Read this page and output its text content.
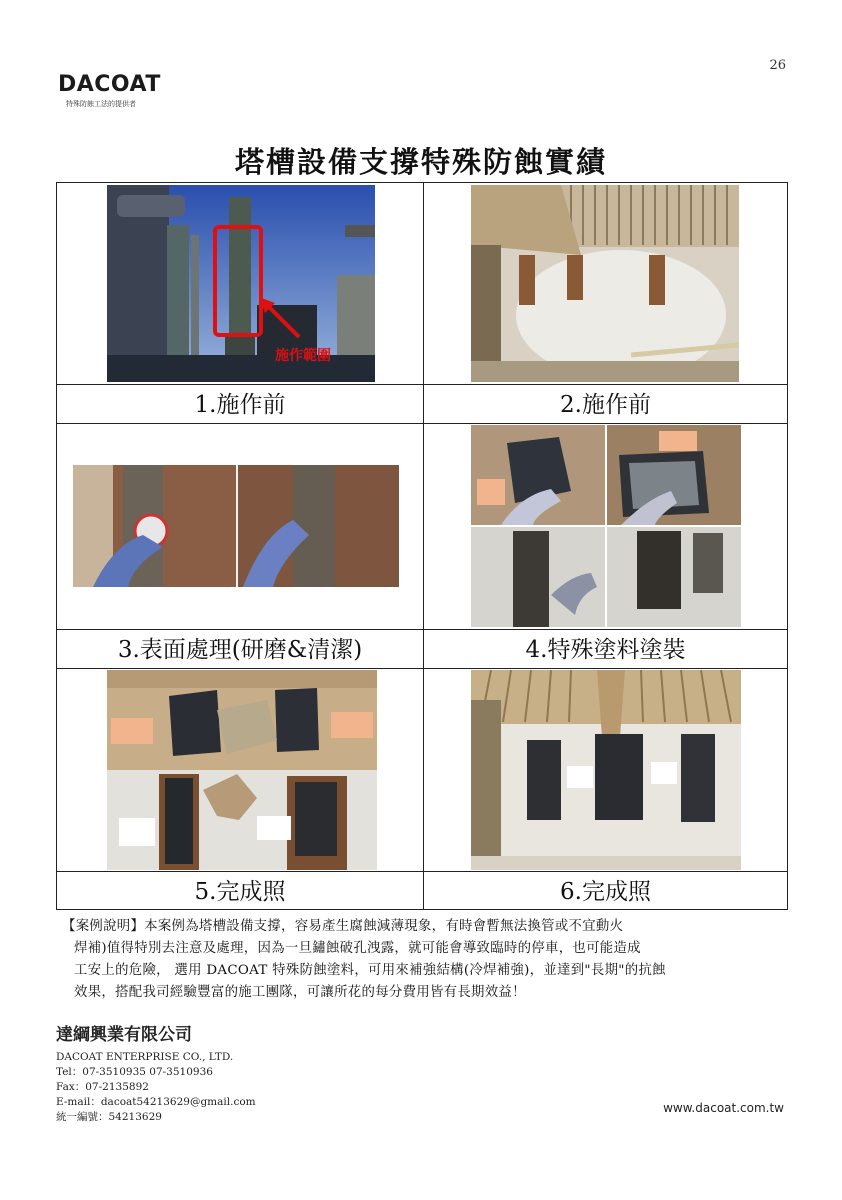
26
DACOAT
特殊防蝕工法的提供者
塔槽設備支撐特殊防蝕實績
施作範圍
1.施作前	2.施作前
3.表面處理(研磨&清潔)	4.特殊塗料塗裝
5.完成照	6.完成照

【案例說明】本案例為塔槽設備支撐，容易產生腐蝕減薄現象，有時會暫無法換管或不宜動火

焊補)值得特別去注意及處理，因為一旦鏽蝕破孔洩露，就可能會導致臨時的停車，也可能造成

工安上的危險， 選用 DACOAT 特殊防蝕塗料，可用來補強結構(冷焊補強)，並達到"長期"的抗蝕

效果，搭配我司經驗豐富的施工團隊，可讓所花的每分費用皆有長期效益！

達綱興業有限公司
DACOAT ENTERPRISE CO., LTD.
Tel：07-3510935 07-3510936
Fax：07-2135892
E-mail：dacoat54213629@gmail.com
統一編號：54213629
www.dacoat.com.tw
